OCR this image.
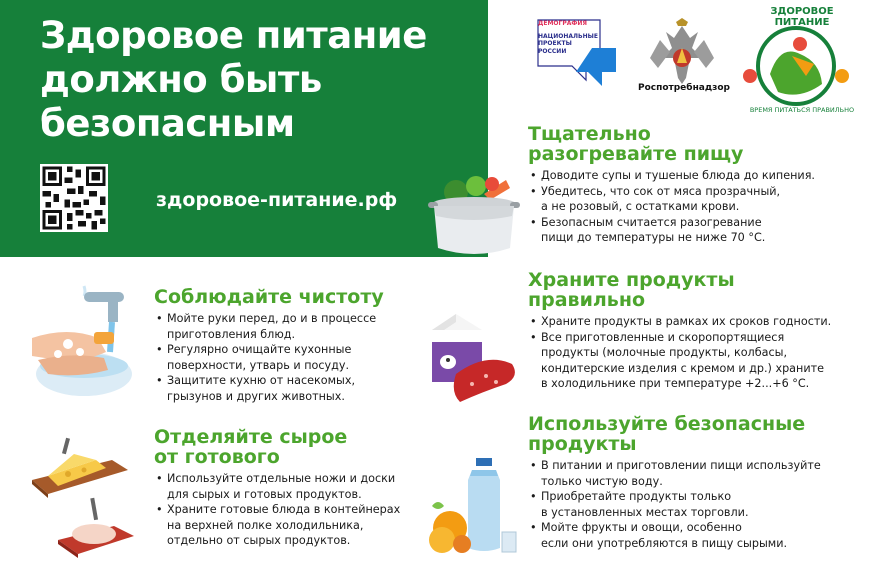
Здоровое питание
должно быть
безопасным
здоровое-питание.рф
ДЕМОГРАФИЯ
НАЦИОНАЛЬНЫЕ
ПРОЕКТЫ
РОССИИ
Роспотребнадзор
ЗДОРОВОЕ ПИТАНИЕ
ВРЕМЯ ПИТАТЬСЯ ПРАВИЛЬНО
Соблюдайте чистоту
• Мойте руки перед, до и в процессе
приготовления блюд.
• Регулярно очищайте кухонные
поверхности, утварь и посуду.
• Защитите кухню от насекомых,
грызунов и других животных.
Отделяйте сырое
от готового
• Используйте отдельные ножи и доски
для сырых и готовых продуктов.
• Храните готовые блюда в контейнерах
на верхней полке холодильника,
отдельно от сырых продуктов.
Тщательно
разогревайте пищу
• Доводите супы и тушеные блюда до кипения.
• Убедитесь, что сок от мяса прозрачный,
а не розовый, с остатками крови.
• Безопасным считается разогревание
пищи до температуры не ниже 70 °С.
Храните продукты
правильно
• Храните продукты в рамках их сроков годности.
• Все приготовленные и скоропортящиеся
продукты (молочные продукты, колбасы,
кондитерские изделия с кремом и др.) храните
в холодильнике при температуре +2...+6 °С.
Используйте безопасные
продукты
• В питании и приготовлении пищи используйте
только чистую воду.
• Приобретайте продукты только
в установленных местах торговли.
• Мойте фрукты и овощи, особенно
если они употребляются в пищу сырыми.
